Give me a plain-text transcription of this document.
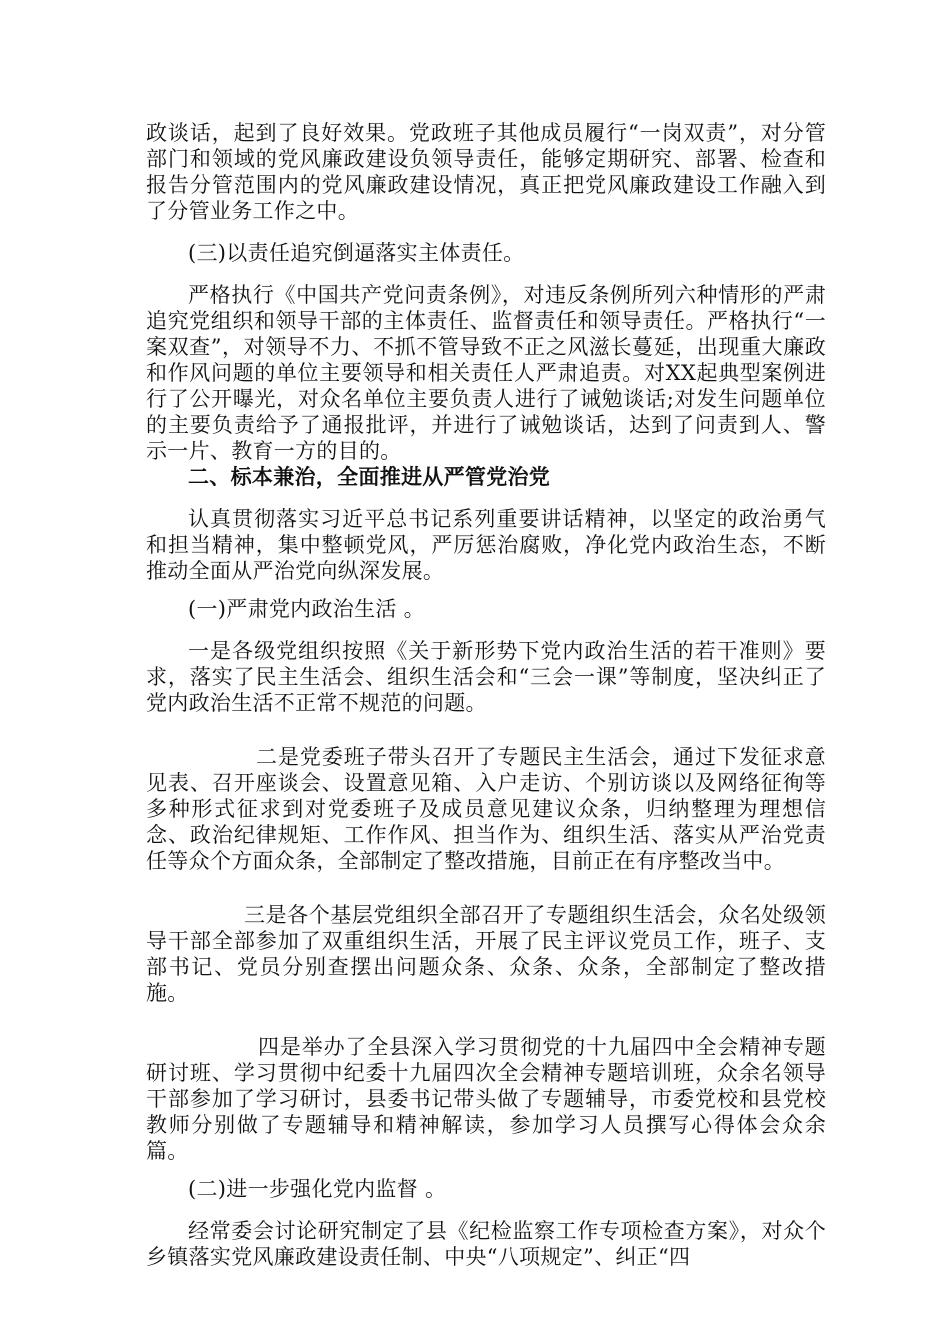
政谈话，起到了良好效果。党政班子其他成员履行“一岗双责”，对分管部门和领域的党风廉政建设负领导责任，能够定期研究、部署、检查和报告分管范围内的党风廉政建设情况，真正把党风廉政建设工作融入到了分管业务工作之中。

(三)以责任追究倒逼落实主体责任。

严格执行《中国共产党问责条例》，对违反条例所列六种情形的严肃追究党组织和领导干部的主体责任、监督责任和领导责任。严格执行“一案双查”，对领导不力、不抓不管导致不正之风滋长蔓延，出现重大廉政和作风问题的单位主要领导和相关责任人严肃追责。对XX起典型案例进行了公开曝光，对众名单位主要负责人进行了诫勉谈话;对发生问题单位的主要负责给予了通报批评，并进行了诫勉谈话，达到了问责到人、警示一片、教育一方的目的。

二、标本兼治，全面推进从严管党治党

认真贯彻落实习近平总书记系列重要讲话精神，以坚定的政治勇气和担当精神，集中整顿党风，严厉惩治腐败，净化党内政治生态，不断推动全面从严治党向纵深发展。

(一)严肃党内政治生活 。

一是各级党组织按照《关于新形势下党内政治生活的若干准则》要求，落实了民主生活会、组织生活会和“三会一课”等制度，坚决纠正了党内政治生活不正常不规范的问题。

二是党委班子带头召开了专题民主生活会，通过下发征求意见表、召开座谈会、设置意见箱、入户走访、个别访谈以及网络征徇等多种形式征求到对党委班子及成员意见建议众条，归纳整理为理想信念、政治纪律规矩、工作作风、担当作为、组织生活、落实从严治党责任等众个方面众条，全部制定了整改措施，目前正在有序整改当中。

三是各个基层党组织全部召开了专题组织生活会，众名处级领导干部全部参加了双重组织生活，开展了民主评议党员工作，班子、支部书记、党员分别查摆出问题众条、众条、众条，全部制定了整改措施。

四是举办了全县深入学习贯彻党的十九届四中全会精神专题研讨班、学习贯彻中纪委十九届四次全会精神专题培训班，众余名领导干部参加了学习研讨，县委书记带头做了专题辅导，市委党校和县党校教师分别做了专题辅导和精神解读，参加学习人员撰写心得体会众余篇。

(二)进一步强化党内监督 。

经常委会讨论研究制定了县《纪检监察工作专项检查方案》，对众个乡镇落实党风廉政建设责任制、中央“八项规定”、纠正“四
